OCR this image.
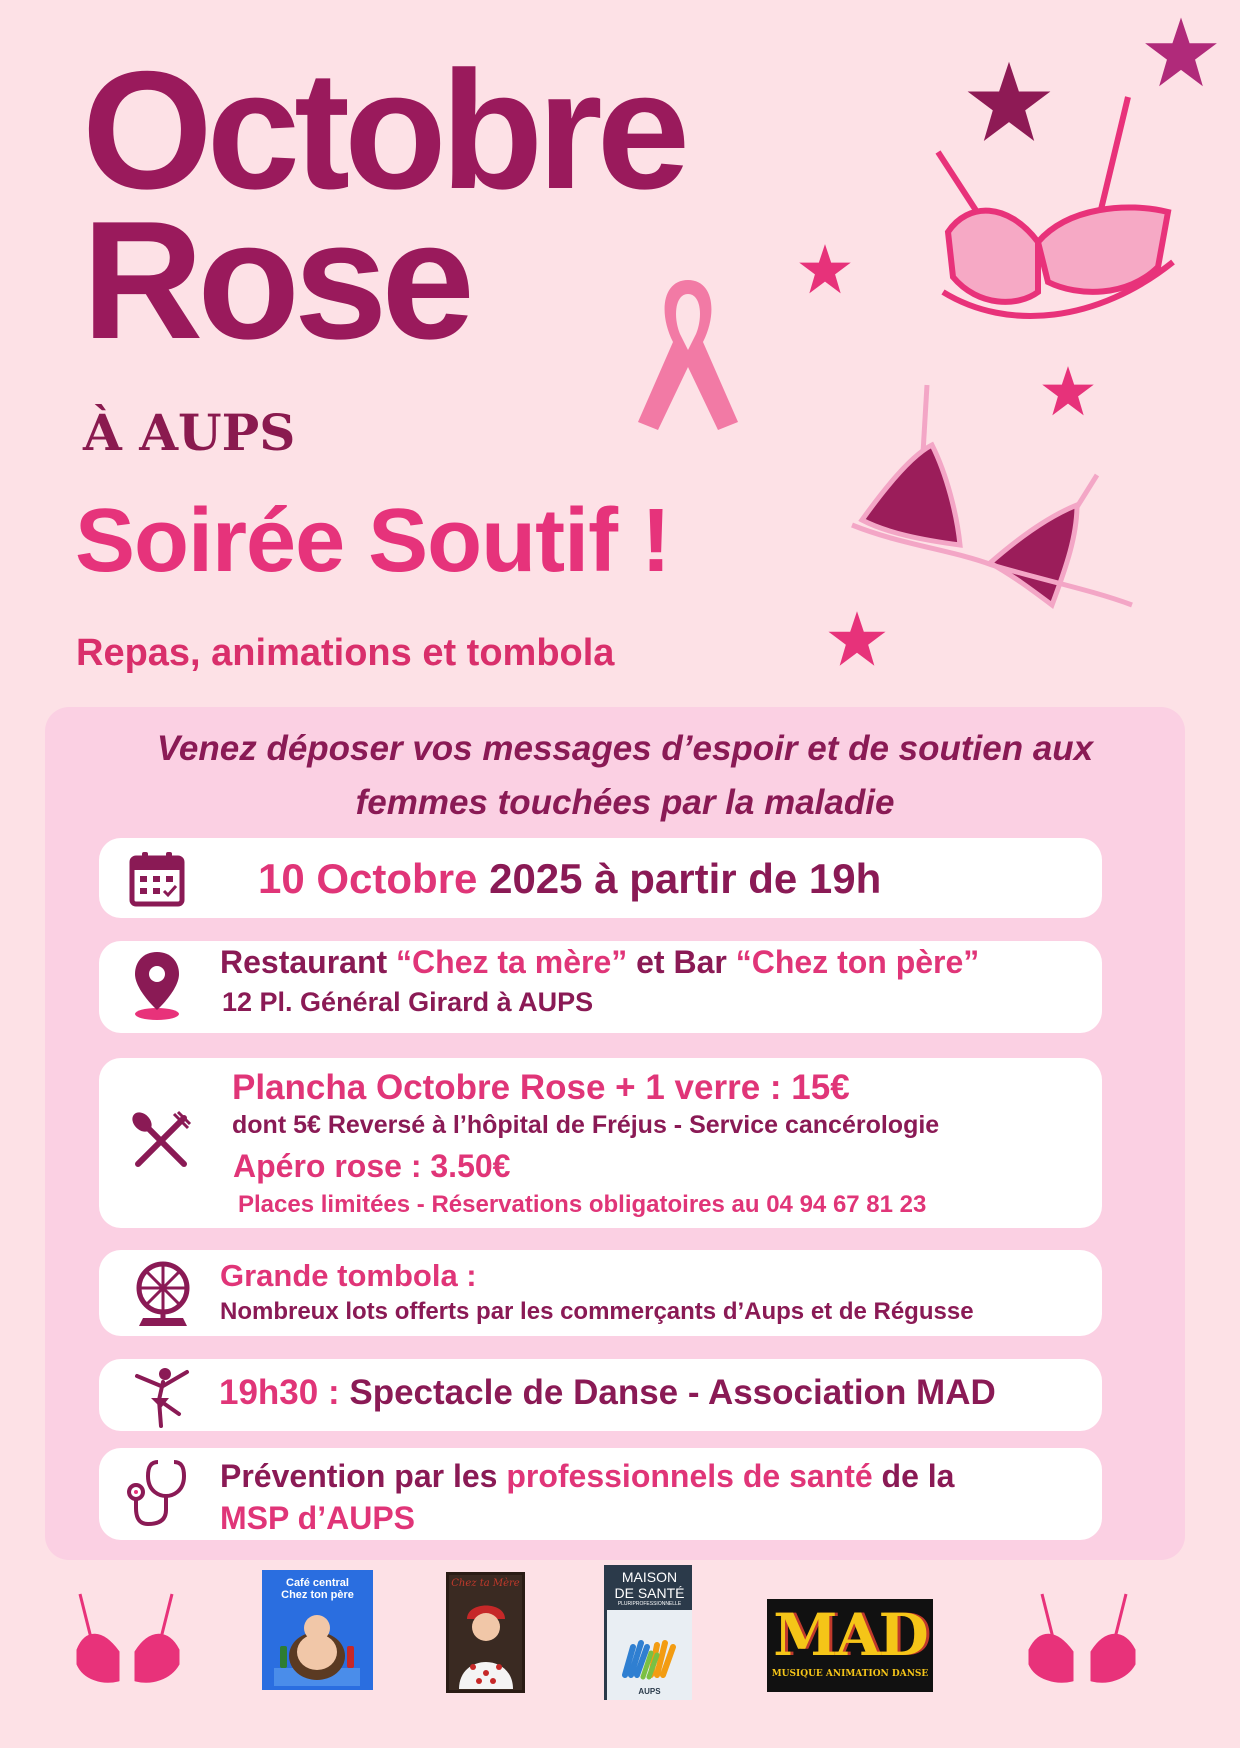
Octobre
Rose
À AUPS
Soirée Soutif !
Repas, animations et tombola
Venez déposer vos messages d’espoir et de soutien aux
femmes touchées par la maladie
10 Octobre 2025 à partir de 19h
Restaurant “Chez ta mère” et Bar “Chez ton père”
12 Pl. Général Girard à AUPS
Plancha Octobre Rose + 1 verre : 15€
dont 5€ Reversé à l’hôpital de Fréjus - Service cancérologie
Apéro rose : 3.50€
Places limitées - Réservations obligatoires au 04 94 67 81 23
Grande tombola :
Nombreux lots offerts par les commerçants d’Aups et de Régusse
19h30 : Spectacle de Danse - Association MAD
Prévention par les professionnels de santé de la
MSP d’AUPS
Café central
Chez ton père
Chez ta Mère	MAISON
DE SANTÉ
PLURIPROFESSIONNELLE
AUPS
MAD
MUSIQUE ANIMATION DANSE
